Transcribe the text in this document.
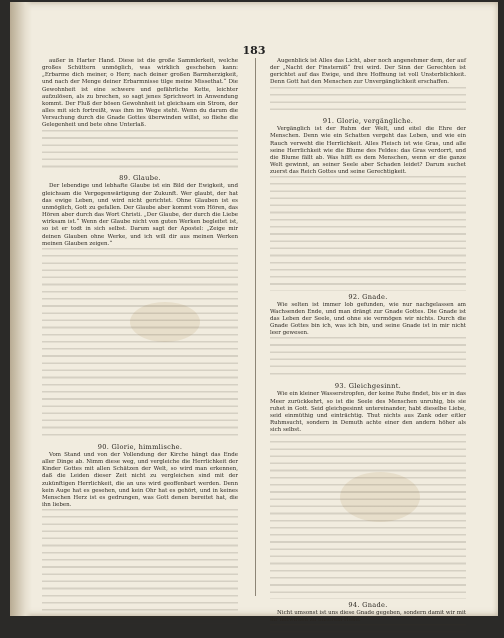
183

außer in Harter Hand. Diese ist die große Sammlerkeit, welche großes Schüttern unmöglich, was wirklich geschehen kann: „Erbarme dich meiner, o Herr, nach deiner großen Barmherzigkeit, und nach der Menge deiner Erbarmnisse tilge meine Missethat.“ Die Gewohnheit ist eine schwere und gefährliche Kette, leichter aufzulösen, als zu brechen, so sagt jenes Sprichwort in Anwendung kommt. Der Fluß der bösen Gewohnheit ist gleichsam ein Strom, der alles mit sich fortreißt, was ihm im Wege steht. Wenn du darum die Versuchung durch die Gnade Gottes überwinden willst, so fliehe die Gelegenheit und bete ohne Unterlaß.

89. Glaube.

Der lebendige und lebhafte Glaube ist ein Bild der Ewigkeit, und gleichsam die Vergegenwärtigung der Zukunft. Wer glaubt, der hat das ewige Leben, und wird nicht gerichtet. Ohne Glauben ist es unmöglich, Gott zu gefallen. Der Glaube aber kommt vom Hören, das Hören aber durch das Wort Christi. „Der Glaube, der durch die Liebe wirksam ist.“ Wenn der Glaube nicht von guten Werken begleitet ist, so ist er todt in sich selbst. Darum sagt der Apostel: „Zeige mir deinen Glauben ohne Werke, und ich will dir aus meinen Werken meinen Glauben zeigen.“

90. Glorie, himmlische.

Vom Stand und von der Vollendung der Kirche hängt das Ende aller Dinge ab. Nimm diese weg, und vergleiche die Herrlichkeit der Kinder Gottes mit allen Schätzen der Welt, so wird man erkennen, daß die Leiden dieser Zeit nicht zu vergleichen sind mit der zukünftigen Herrlichkeit, die an uns wird geoffenbart werden. Denn kein Auge hat es gesehen, und kein Ohr hat es gehört, und in keines Menschen Herz ist es gedrungen, was Gott denen bereitet hat, die ihn lieben.

Augenblick ist Alles das Licht, aber noch angenehmer dem, der auf der „Nacht der Finsterniß“ frei wird. Der Sinn der Gerechten ist gerichtet auf das Ewige, und ihre Hoffnung ist voll Unsterblichkeit. Denn Gott hat den Menschen zur Unvergänglichkeit erschaffen.

91. Glorie, vergängliche.

Vergänglich ist der Ruhm der Welt, und eitel die Ehre der Menschen. Denn wie ein Schatten vergeht das Leben, und wie ein Rauch verweht die Herrlichkeit. Alles Fleisch ist wie Gras, und alle seine Herrlichkeit wie die Blume des Feldes: das Gras verdorrt, und die Blume fällt ab. Was hilft es dem Menschen, wenn er die ganze Welt gewinnt, an seiner Seele aber Schaden leidet? Darum suchet zuerst das Reich Gottes und seine Gerechtigkeit.

92. Gnade.

Wie selten ist immer lob gefunden, wie nur nachgelassen am Wachsenden Ende, und man drängt zur Gnade Gottes. Die Gnade ist das Leben der Seele, und ohne sie vermögen wir nichts. Durch die Gnade Gottes bin ich, was ich bin, und seine Gnade ist in mir nicht leer gewesen.

93. Gleichgesinnt.

Wie ein kleiner Wasserstropfen, der keine Ruhe findet, bis er in das Meer zurückkehrt, so ist die Seele des Menschen unruhig, bis sie ruhet in Gott. Seid gleichgesinnt untereinander, habt dieselbe Liebe, seid einmüthig und einträchtig. Thut nichts aus Zank oder eitler Ruhmsucht, sondern in Demuth achte einer den andern höher als sich selbst.

94. Gnade.

Nicht umsonst ist uns diese Gnade gegeben, sondern damit wir mit ihr mitwirken zu unserem Heile.
